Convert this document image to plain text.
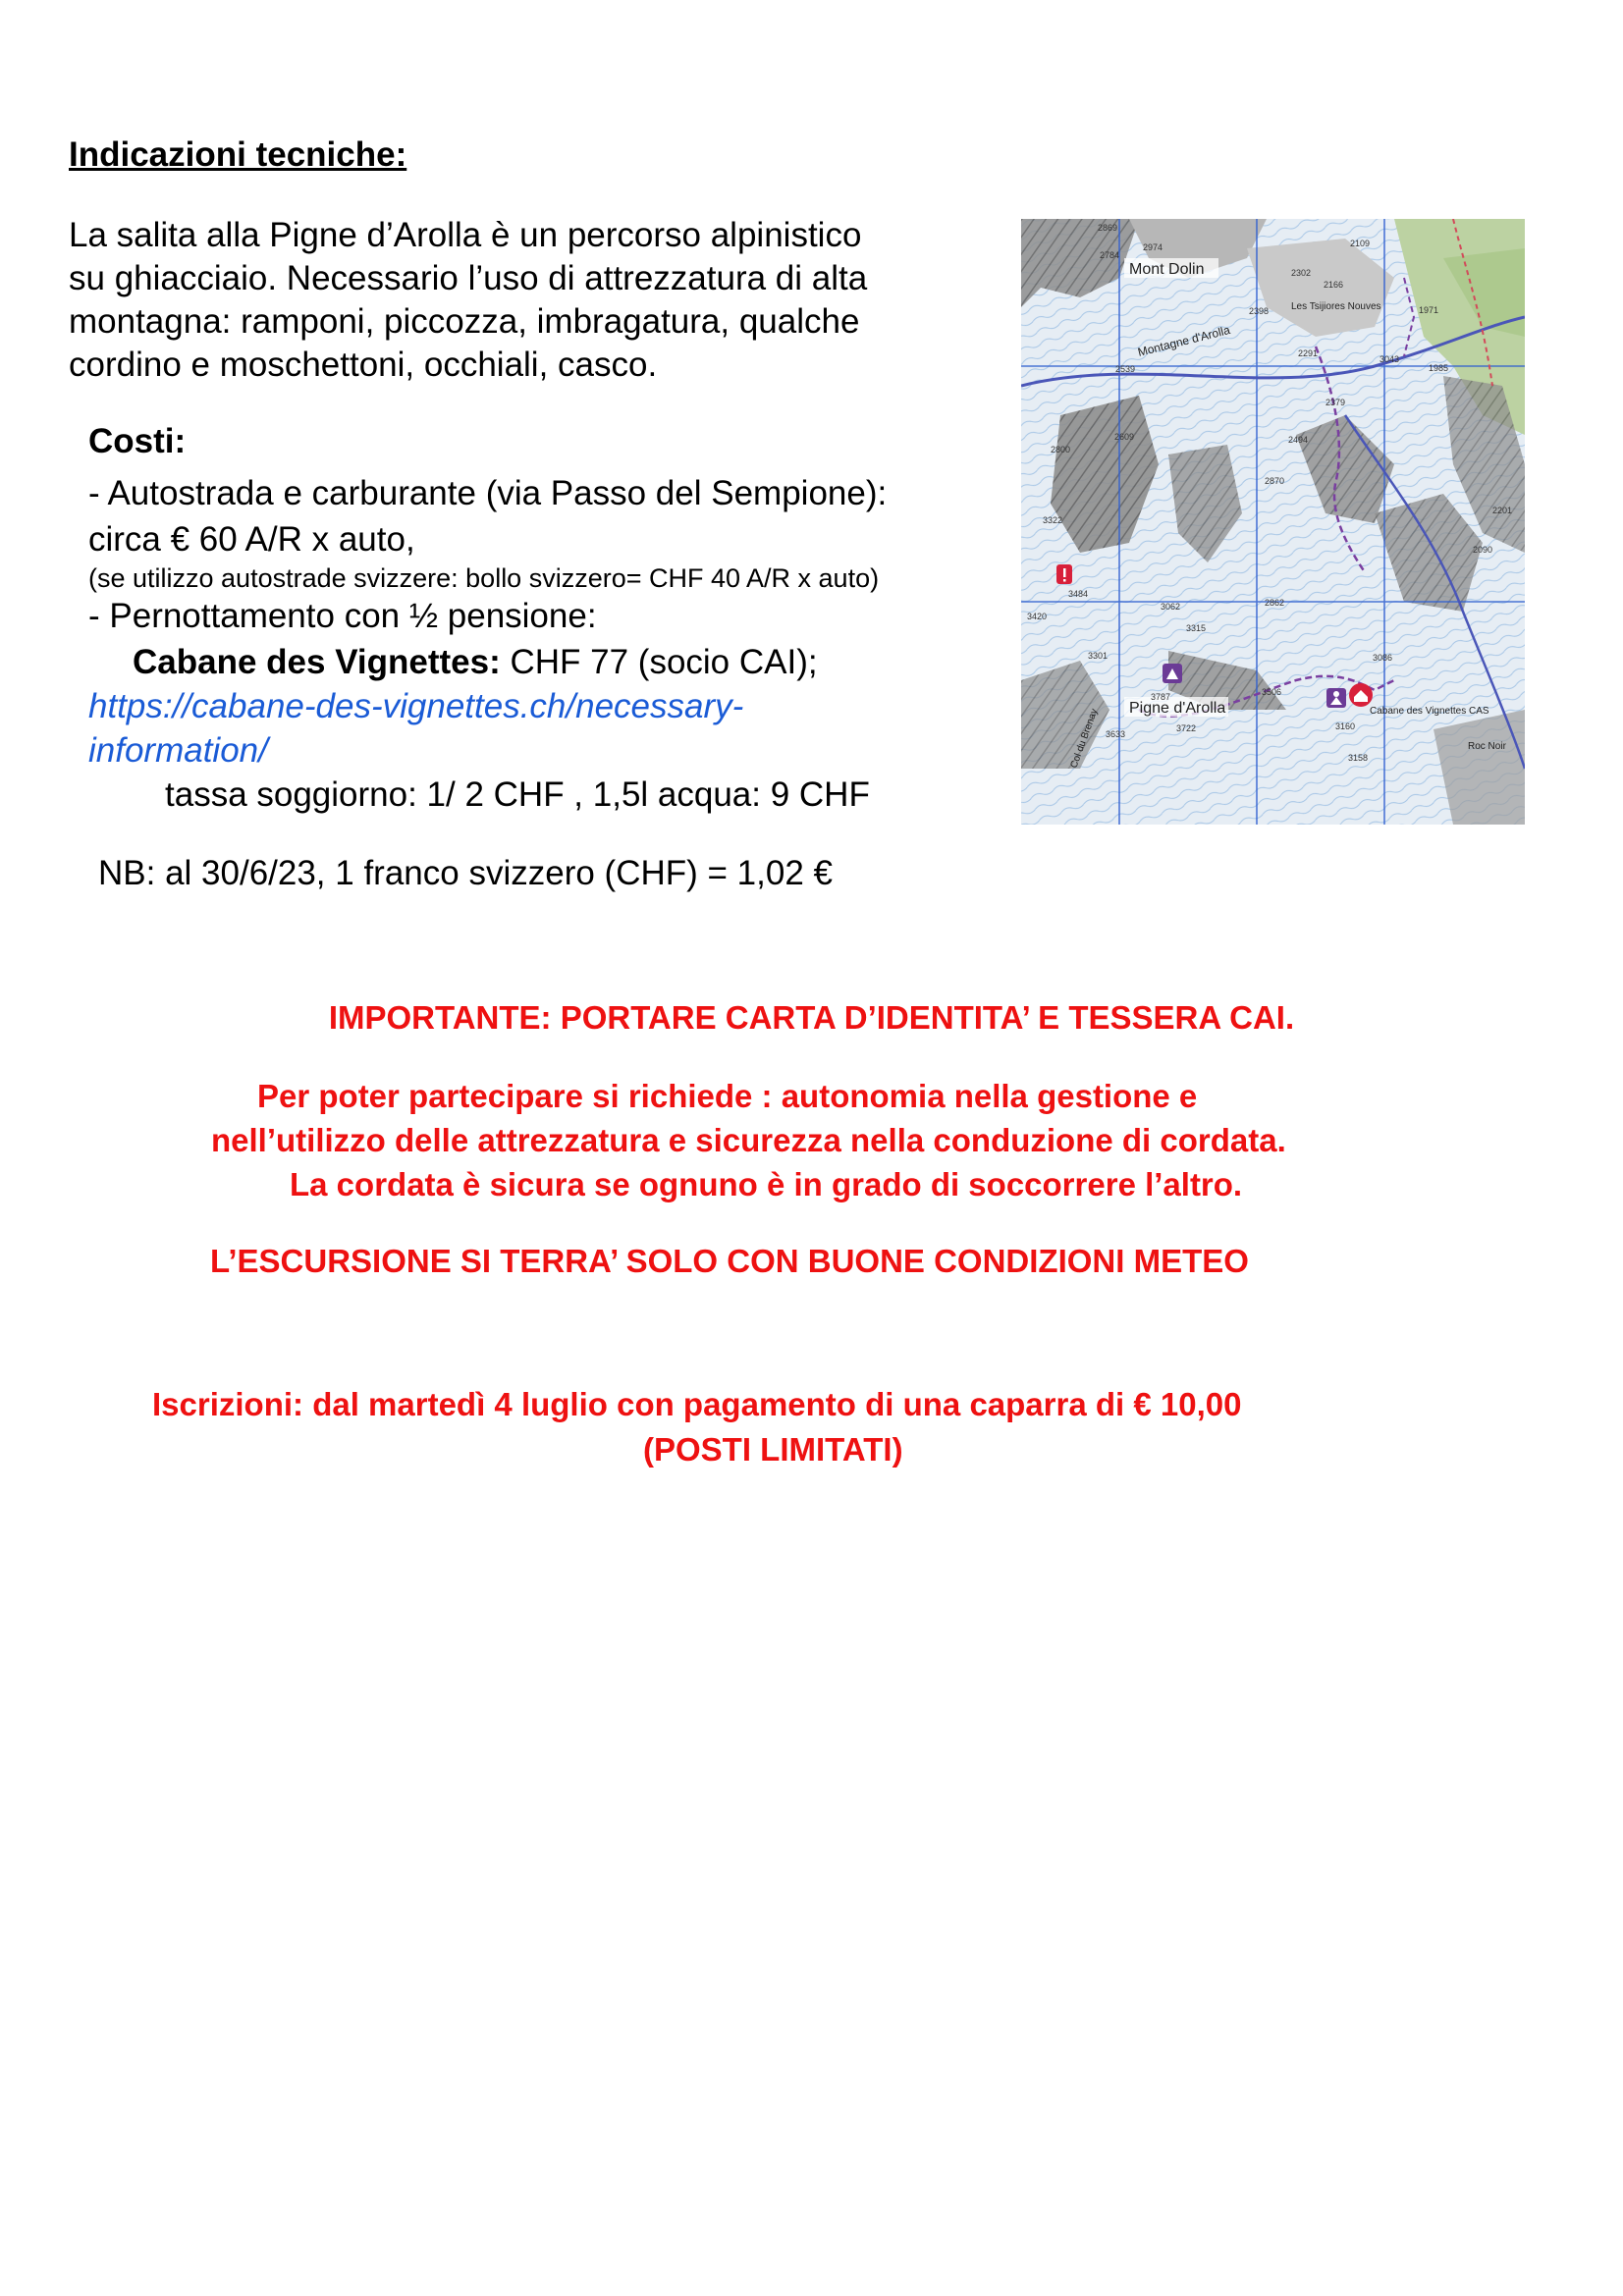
Indicazioni tecniche:
La salita alla Pigne d’Arolla è un percorso alpinistico
su ghiacciaio. Necessario l’uso di attrezzatura di alta
montagna: ramponi, piccozza, imbragatura, qualche
cordino e moschettoni, occhiali, casco.
Costi:
- Autostrada e carburante (via Passo del Sempione):
circa € 60 A/R x auto,
(se utilizzo autostrade svizzere: bollo svizzero= CHF 40 A/R x auto)
- Pernottamento con ½ pensione:
Cabane des Vignettes: CHF 77 (socio CAI);
https://cabane-des-vignettes.ch/necessary-
information/
tassa soggiorno: 1/ 2 CHF , 1,5l acqua: 9 CHF
NB: al 30/6/23, 1 franco svizzero (CHF) = 1,02 €
Mont Dolin
Montagne d'Arolla
Les Tsijiores Nouves
Pigne d'Arolla	Cabane des Vignettes CAS
Roc Noir
Col du Brenay
2869
2974
2784
2302
2109
2398
2166
2539
2291
3043
1985
2379
2494
2609
2800
2870
3322
3484
3062	2862
3315
3301
3787	3506
3086
3633
3722
3158
2090
2201
1971
3160
3420
IMPORTANTE: PORTARE CARTA D’IDENTITA’ E TESSERA CAI.
Per poter partecipare si richiede : autonomia nella gestione e
nell’utilizzo delle attrezzatura e sicurezza nella conduzione di cordata.
La cordata è sicura se ognuno è in grado di soccorrere l’altro.
L’ESCURSIONE SI TERRA’ SOLO CON BUONE CONDIZIONI METEO
Iscrizioni: dal martedì 4 luglio con pagamento di una caparra di € 10,00
(POSTI LIMITATI)
